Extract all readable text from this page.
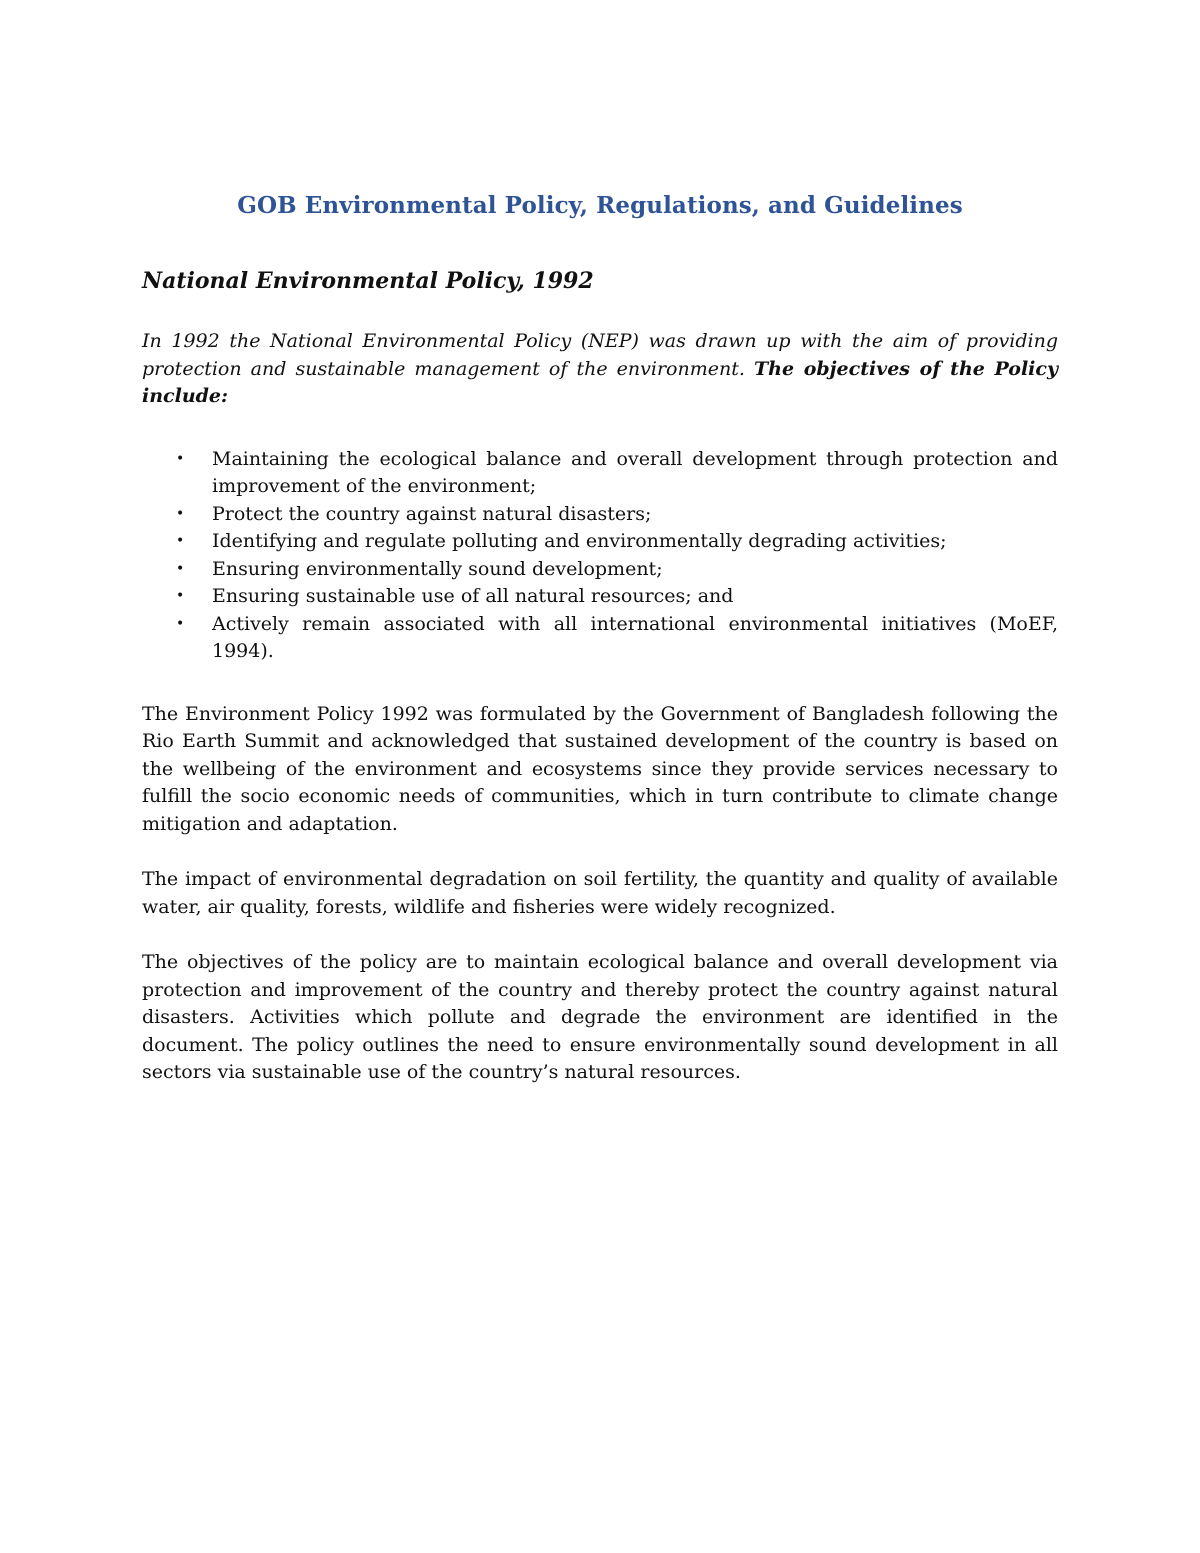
GOB Environmental Policy, Regulations, and Guidelines
National Environmental Policy, 1992

In 1992 the National Environmental Policy (NEP) was drawn up with the aim of providing protection and sustainable management of the environment. The objectives of the Policy include:

• Maintaining the ecological balance and overall development through protection and improvement of the environment;
• Protect the country against natural disasters;
• Identifying and regulate polluting and environmentally degrading activities;
• Ensuring environmentally sound development;
• Ensuring sustainable use of all natural resources; and
• Actively remain associated with all international environmental initiatives (MoEF, 1994).

The Environment Policy 1992 was formulated by the Government of Bangladesh following the Rio Earth Summit and acknowledged that sustained development of the country is based on the wellbeing of the environment and ecosystems since they provide services necessary to fulfill the socio economic needs of communities, which in turn contribute to climate change mitigation and adaptation.

The impact of environmental degradation on soil fertility, the quantity and quality of available water, air quality, forests, wildlife and fisheries were widely recognized.

The objectives of the policy are to maintain ecological balance and overall development via protection and improvement of the country and thereby protect the country against natural disasters. Activities which pollute and degrade the environment are identified in the document. The policy outlines the need to ensure environmentally sound development in all sectors via sustainable use of the country’s natural resources.
